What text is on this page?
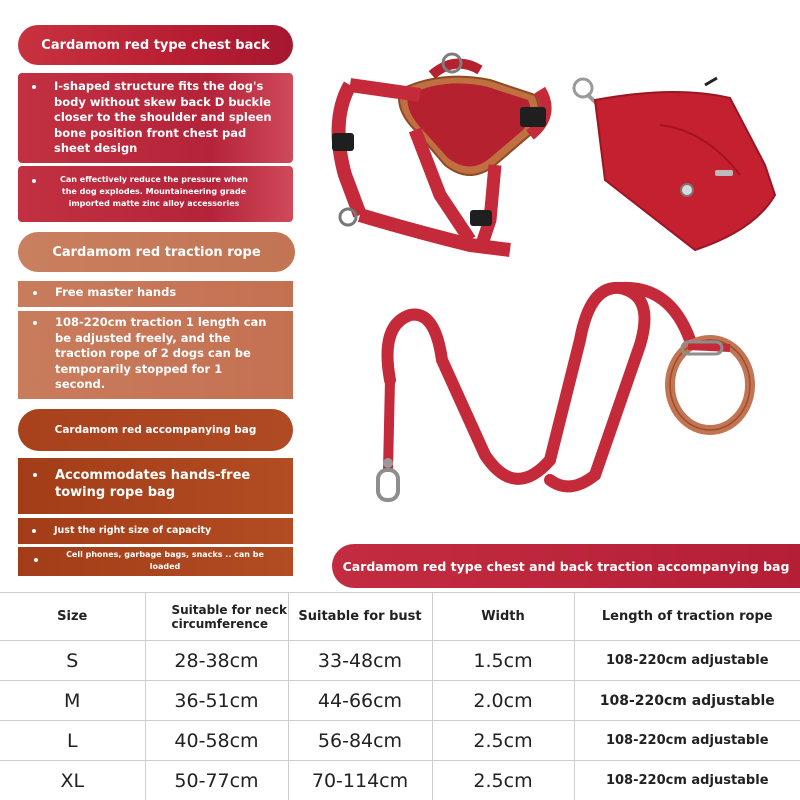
Cardamom red type chest back
I-shaped structure fits the dog's body without skew back D buckle closer to the shoulder and spleen bone position front chest pad sheet design
Can effectively reduce the pressure when the dog explodes. Mountaineering grade imported matte zinc alloy accessories
Cardamom red traction rope
Free master hands
108-220cm traction 1 length can be adjusted freely, and the traction rope of 2 dogs can be temporarily stopped for 1 second.
Cardamom red accompanying bag
Accommodates hands-free towing rope bag
Just the right size of capacity
Cell phones, garbage bags, snacks .. can be loaded	Cardamom red type chest and back traction accompanying bag
Size	Suitable for neck circumference	Suitable for bust	Width	Length of traction rope
S	28-38cm	33-48cm	1.5cm	108-220cm adjustable
M	36-51cm	44-66cm	2.0cm	108-220cm adjustable
L	40-58cm	56-84cm	2.5cm	108-220cm adjustable
XL	50-77cm	70-114cm	2.5cm	108-220cm adjustable
